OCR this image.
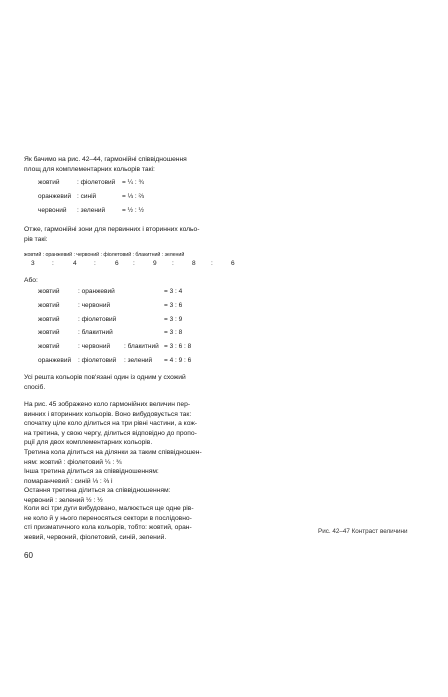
Як бачимо на рис. 42–44, гармонійні співвідношення
площ для комплементарних кольорів такі:

жовтий	: фіолетовий = ¼ : ¾
оранжевий : синій	= ⅓ : ⅔
червоний : зелений	= ½ : ½

Отже, гармонійні зони для первинних і вторинних кольо-
рів такі:

жовтий : оранжевий : червоний : фіолетовий : блакитний : зелений
3	:	4	:	6 :	9 :	8 :	6

Або:

жовтий	: оранжевий	= 3 : 4
жовтий	: червоний	= 3 : 6
жовтий	: фіолетовий	= 3 : 9
жовтий	: блакитний	= 3 : 8
жовтий	: червоний : блакитний = 3 : 6 : 8
оранжевий : фіолетовий : зелений = 4 : 9 : 6

Усі решта кольорів пов'язані один із одним у схожий
спосіб.

На рис. 45 зображено коло гармонійних величин пер-
винних і вторинних кольорів. Воно вибудовується так:
спочатку ціле коло ділиться на три рівні частини, а кож-
на третина, у свою чергу, ділиться відповідно до пропо-
рції для двох комплементарних кольорів.
Третина кола ділиться на ділянки за таким співвідношен-
ням: жовтий : фіолетовий ¼ : ¾
Інша третина ділиться за співвідношенням:
помаранчевий : синій ⅓ : ⅔ і
Остання третина ділиться за співвідношенням:
червоний : зелений ½ : ½

Коли всі три дуги вибудовано, малюється ще одне рів-
не коло й у нього переносяться сектори в послідовно-
сті призматичного кола кольорів, тобто: жовтий, оран-
жевий, червоний, фіолетовий, синій, зелений.

Рис. 42–47 Контраст величини
60
